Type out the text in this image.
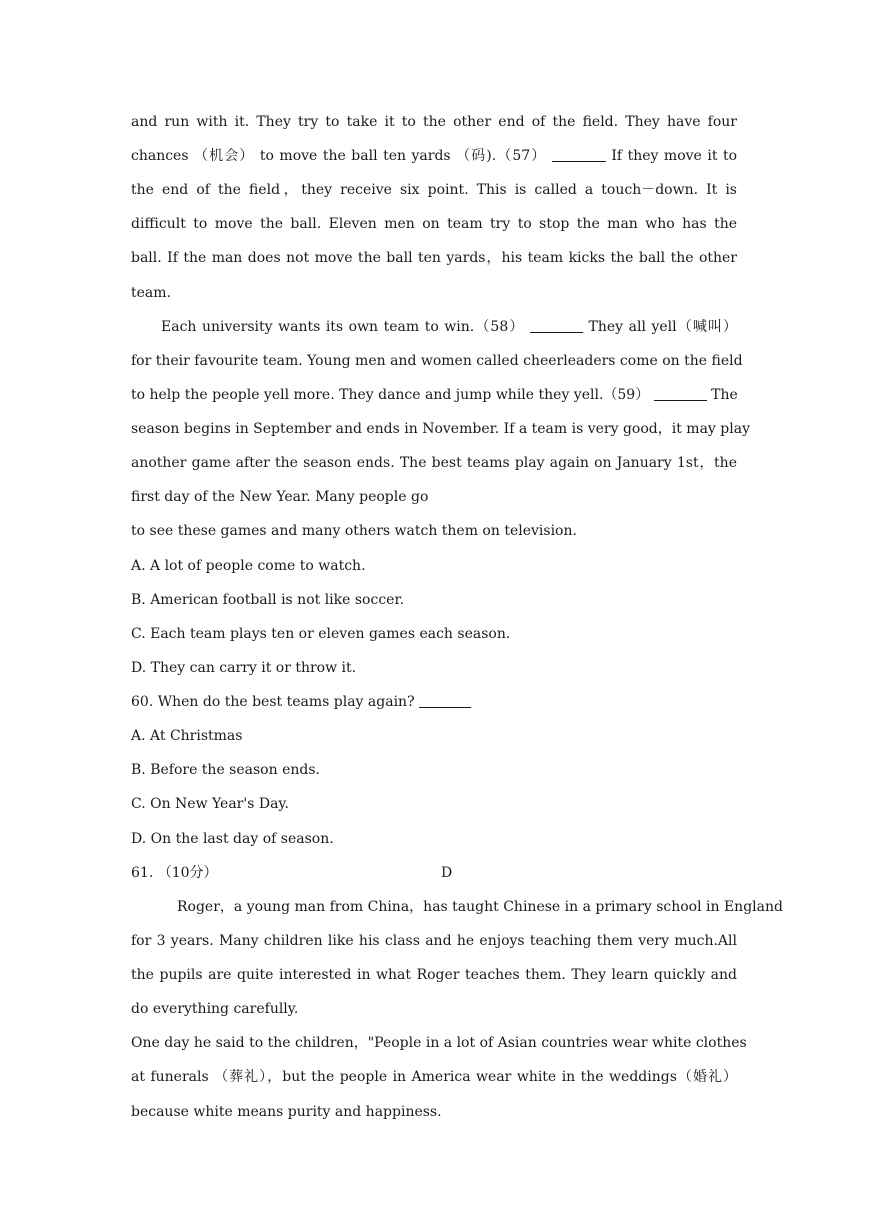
and run with it. They try to take it to the other end of the field. They have four
chances （机会） to move the ball ten yards （码).（57）	If they move it to
the end of the field，they receive six point. This is called a touch－down. It is
difficult to move the ball. Eleven men on team try to stop the man who has the
ball. If the man does not move the ball ten yards，his team kicks the ball the other
team.
Each university wants its own team to win.（58）	They all yell（喊叫）
for their favourite team. Young men and women called cheerleaders come on the field
to help the people yell more. They dance and jump while they yell.（59）	The
season begins in September and ends in November. If a team is very good，it may play
another game after the season ends. The best teams play again on January 1st，the
first day of the New Year. Many people go
to see these games and many others watch them on television.
A. A lot of people come to watch.
B. American football is not like soccer.
C. Each team plays ten or eleven games each season.
D. They can carry it or throw it.
60. When do the best teams play again?
A. At Christmas
B. Before the season ends.
C. On New Year's Day.
D. On the last day of season.
61. （10分）	D
Roger，a young man from China，has taught Chinese in a primary school in England
for 3 years. Many children like his class and he enjoys teaching them very much.All
the pupils are quite interested in what Roger teaches them. They learn quickly and
do everything carefully.
One day he said to the children，"People in a lot of Asian countries wear white clothes
at funerals （葬礼），but the people in America wear white in the weddings（婚礼）
because white means purity and happiness.
